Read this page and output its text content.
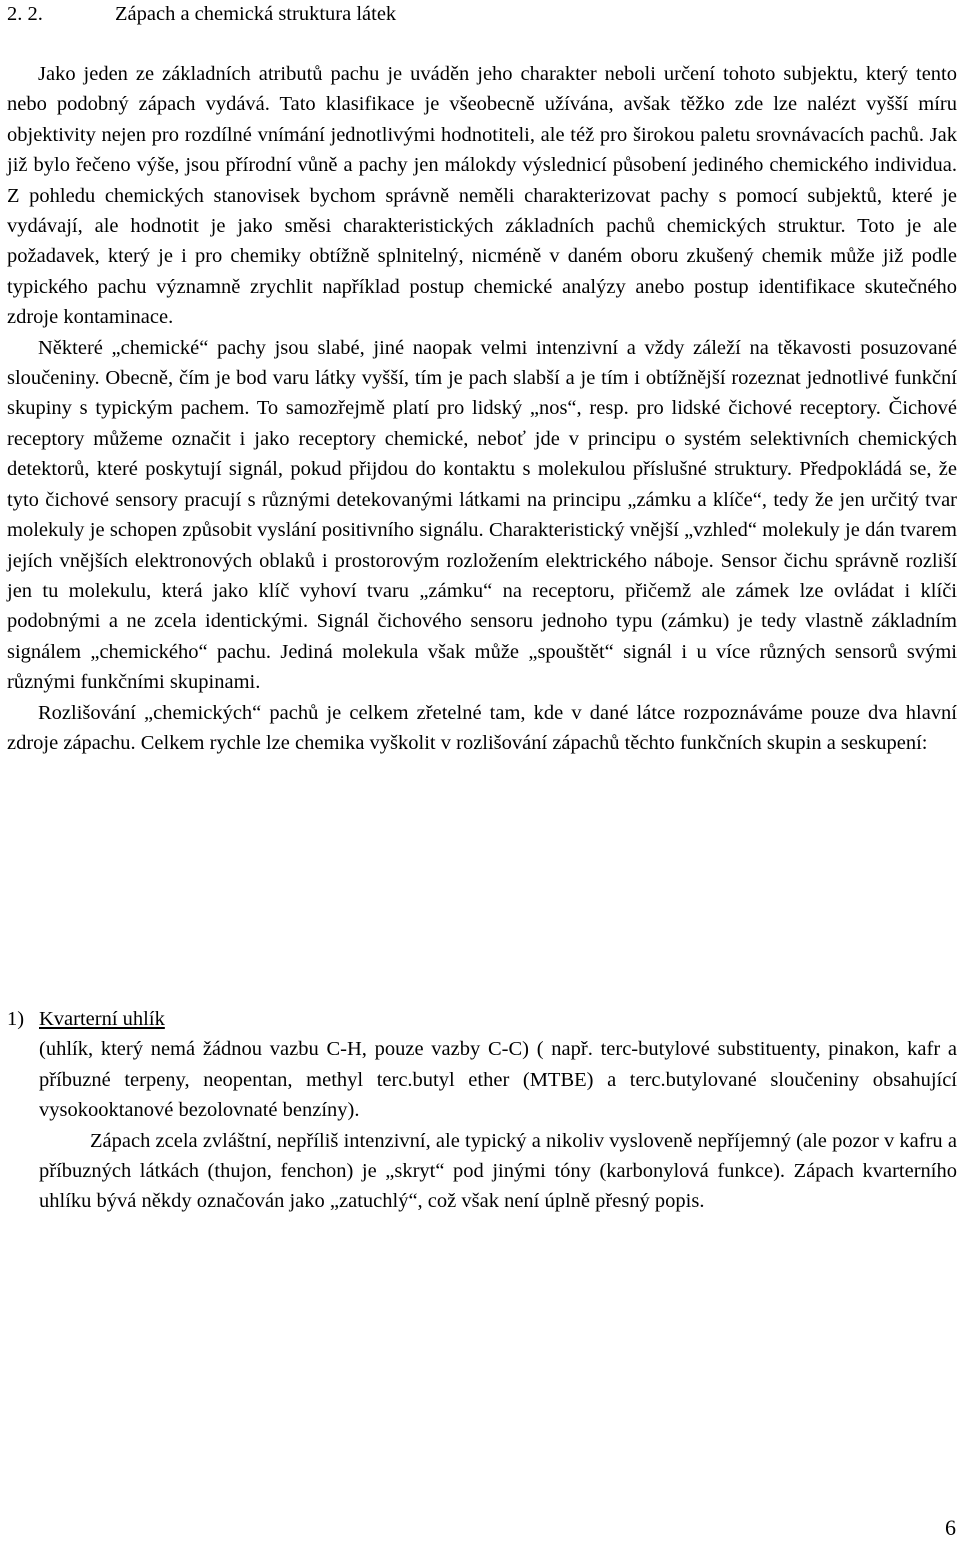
2. 2.	Zápach a chemická struktura látek

Jako jeden ze základních atributů pachu je uváděn jeho charakter neboli určení tohoto subjektu, který tento nebo podobný zápach vydává. Tato klasifikace je všeobecně užívána, avšak těžko zde lze nalézt vyšší míru objektivity nejen pro rozdílné vnímání jednotlivými hodnotiteli, ale též pro širokou paletu srovnávacích pachů. Jak již bylo řečeno výše, jsou přírodní vůně a pachy jen málokdy výslednicí působení jediného chemického individua. Z pohledu chemických stanovisek bychom správně neměli charakterizovat pachy s pomocí subjektů, které je vydávají, ale hodnotit je jako směsi charakteristických základních pachů chemických struktur. Toto je ale požadavek, který je i pro chemiky obtížně splnitelný, nicméně v daném oboru zkušený chemik může již podle typického pachu významně zrychlit například postup chemické analýzy anebo postup identifikace skutečného zdroje kontaminace.

Některé „chemické“ pachy jsou slabé, jiné naopak velmi intenzivní a vždy záleží na těkavosti posuzované sloučeniny. Obecně, čím je bod varu látky vyšší, tím je pach slabší a je tím i obtížnější rozeznat jednotlivé funkční skupiny s typickým pachem. To samozřejmě platí pro lidský „nos“, resp. pro lidské čichové receptory. Čichové receptory můžeme označit i jako receptory chemické, neboť jde v principu o systém selektivních chemických detektorů, které poskytují signál, pokud přijdou do kontaktu s molekulou příslušné struktury. Předpokládá se, že tyto čichové sensory pracují s různými detekovanými látkami na principu „zámku a klíče“, tedy že jen určitý tvar molekuly je schopen způsobit vyslání positivního signálu. Charakteristický vnější „vzhled“ molekuly je dán tvarem jejích vnějších elektronových oblaků i prostorovým rozložením elektrického náboje. Sensor čichu správně rozliší jen tu molekulu, která jako klíč vyhoví tvaru „zámku“ na receptoru, přičemž ale zámek lze ovládat i klíči podobnými a ne zcela identickými. Signál čichového sensoru jednoho typu (zámku) je tedy vlastně základním signálem „chemického“ pachu. Jediná molekula však může „spouštět“ signál i u více různých sensorů svými různými funkčními skupinami.

Rozlišování „chemických“ pachů je celkem zřetelné tam, kde v dané látce rozpoznáváme pouze dva hlavní zdroje zápachu. Celkem rychle lze chemika vyškolit v rozlišování zápachů těchto funkčních skupin a seskupení:

1) Kvarterní uhlík

(uhlík, který nemá žádnou vazbu C-H, pouze vazby C-C) ( např. terc-butylové substituenty, pinakon, kafr a příbuzné terpeny, neopentan, methyl terc.butyl ether (MTBE) a terc.butylované sloučeniny obsahující vysokooktanové bezolovnaté benzíny).

Zápach zcela zvláštní, nepříliš intenzivní, ale typický a nikoliv vysloveně nepříjemný (ale pozor v kafru a příbuzných látkách (thujon, fenchon) je „skryt“ pod jinými tóny (karbonylová funkce). Zápach kvarterního uhlíku bývá někdy označován jako „zatuchlý“, což však není úplně přesný popis.

6
